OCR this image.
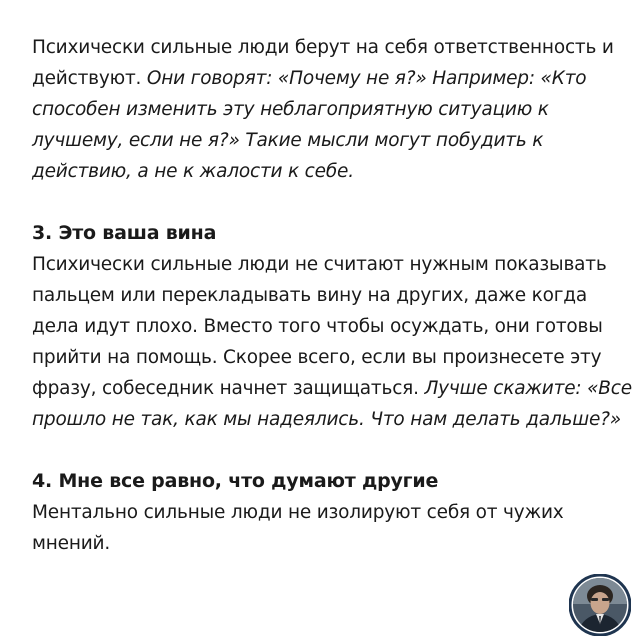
Психически сильные люди берут на себя ответственность и действуют. Они говорят: «Почему не я?» Например: «Кто способен изменить эту неблагоприятную ситуацию к лучшему, если не я?» Такие мысли могут побудить к действию, а не к жалости к себе.

3. Это ваша вина

Психически сильные люди не считают нужным показывать пальцем или перекладывать вину на других, даже когда дела идут плохо. Вместо того чтобы осуждать, они готовы прийти на помощь. Скорее всего, если вы произнесете эту фразу, собеседник начнет защищаться. Лучше скажите: «Все прошло не так, как мы надеялись. Что нам делать дальше?»

4. Мне все равно, что думают другие

Ментально сильные люди не изолируют себя от чужих мнений.
